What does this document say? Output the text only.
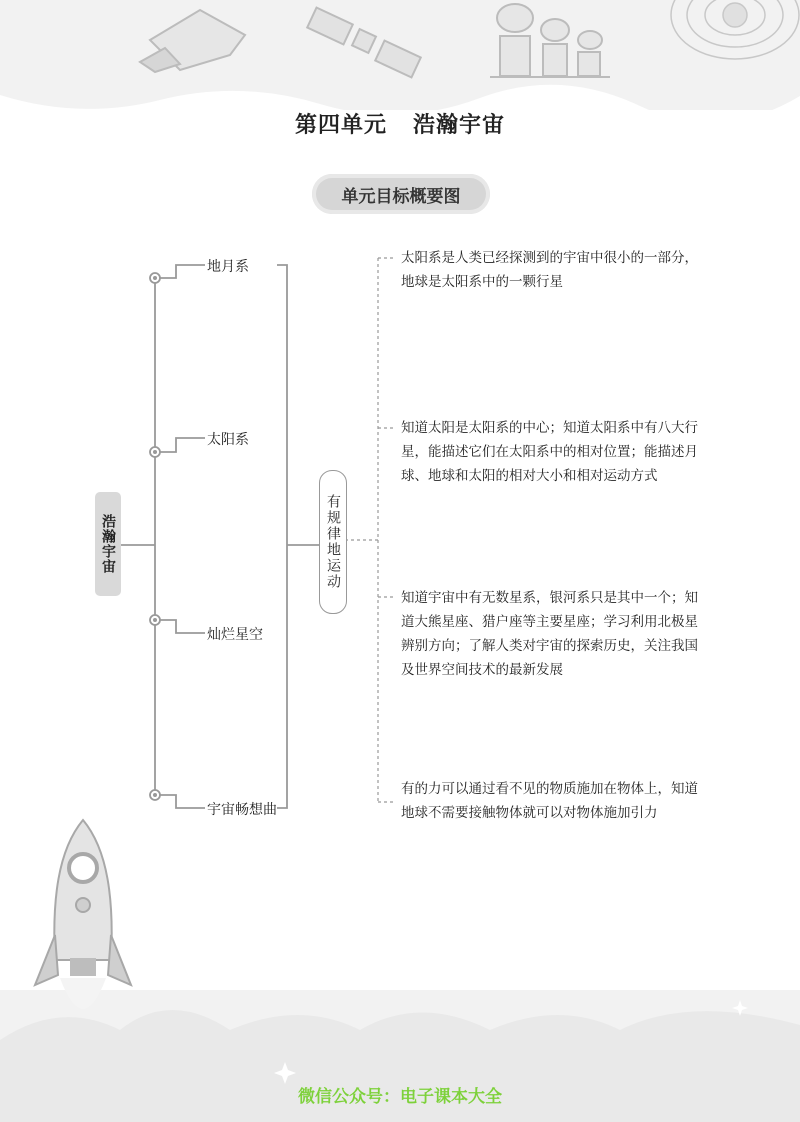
第四单元 浩瀚宇宙
单元目标概要图
浩瀚宇宙
地月系
太阳系
灿烂星空
宇宙畅想曲
有规律地运动
太阳系是人类已经探测到的宇宙中很小的一部分，地球是太阳系中的一颗行星
知道太阳是太阳系的中心；知道太阳系中有八大行星，能描述它们在太阳系中的相对位置；能描述月球、地球和太阳的相对大小和相对运动方式
知道宇宙中有无数星系，银河系只是其中一个；知道大熊星座、猎户座等主要星座；学习利用北极星辨别方向；了解人类对宇宙的探索历史，关注我国及世界空间技术的最新发展
有的力可以通过看不见的物质施加在物体上，知道地球不需要接触物体就可以对物体施加引力
微信公众号：电子课本大全
